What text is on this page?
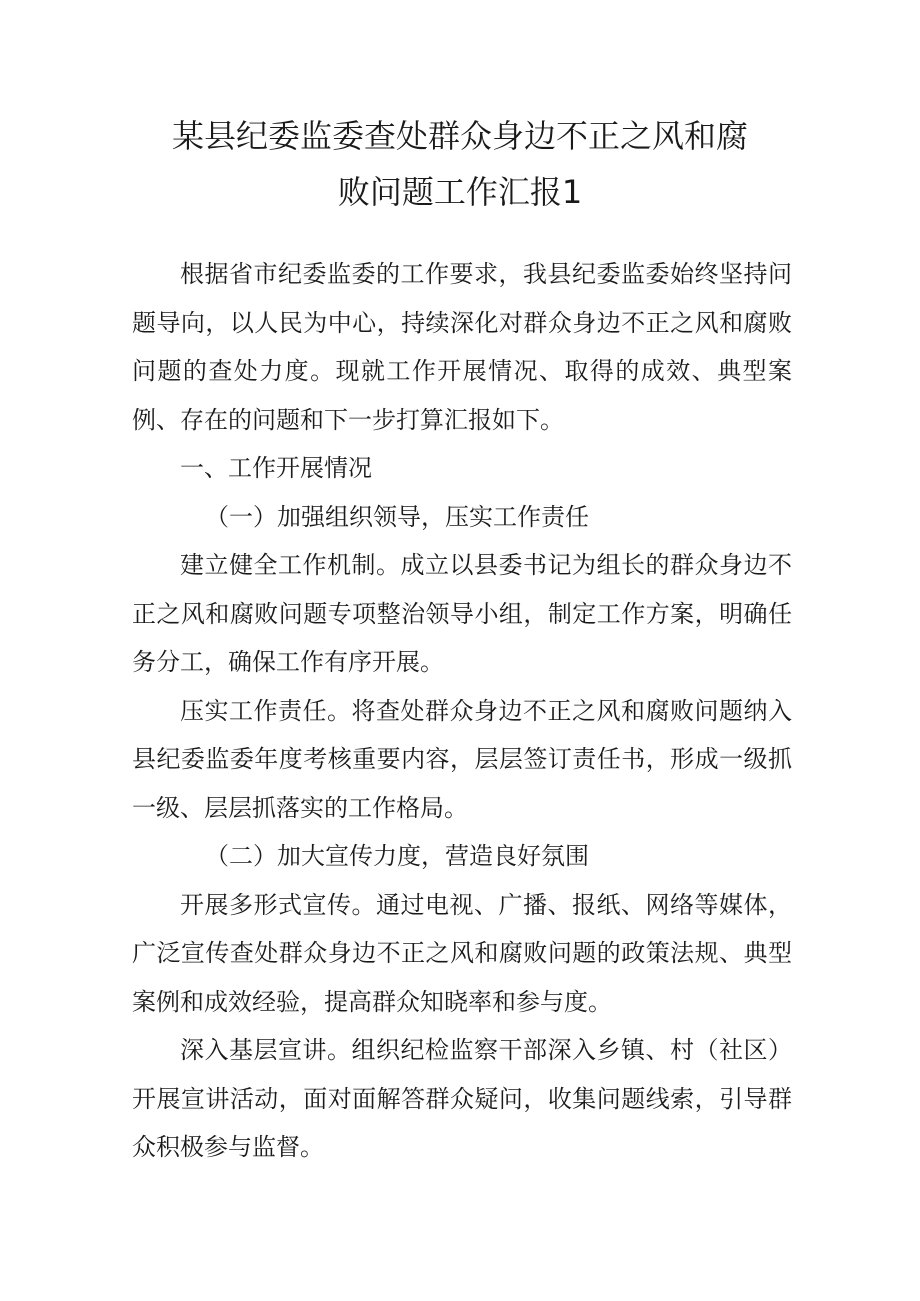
某县纪委监委查处群众身边不正之风和腐
败问题工作汇报1

根据省市纪委监委的工作要求，我县纪委监委始终坚持问题导向，以人民为中心，持续深化对群众身边不正之风和腐败问题的查处力度。现就工作开展情况、取得的成效、典型案例、存在的问题和下一步打算汇报如下。

一、工作开展情况

（一）加强组织领导，压实工作责任

建立健全工作机制。成立以县委书记为组长的群众身边不正之风和腐败问题专项整治领导小组，制定工作方案，明确任务分工，确保工作有序开展。

压实工作责任。将查处群众身边不正之风和腐败问题纳入县纪委监委年度考核重要内容，层层签订责任书，形成一级抓一级、层层抓落实的工作格局。

（二）加大宣传力度，营造良好氛围

开展多形式宣传。通过电视、广播、报纸、网络等媒体，广泛宣传查处群众身边不正之风和腐败问题的政策法规、典型案例和成效经验，提高群众知晓率和参与度。

深入基层宣讲。组织纪检监察干部深入乡镇、村（社区）开展宣讲活动，面对面解答群众疑问，收集问题线索，引导群众积极参与监督。
